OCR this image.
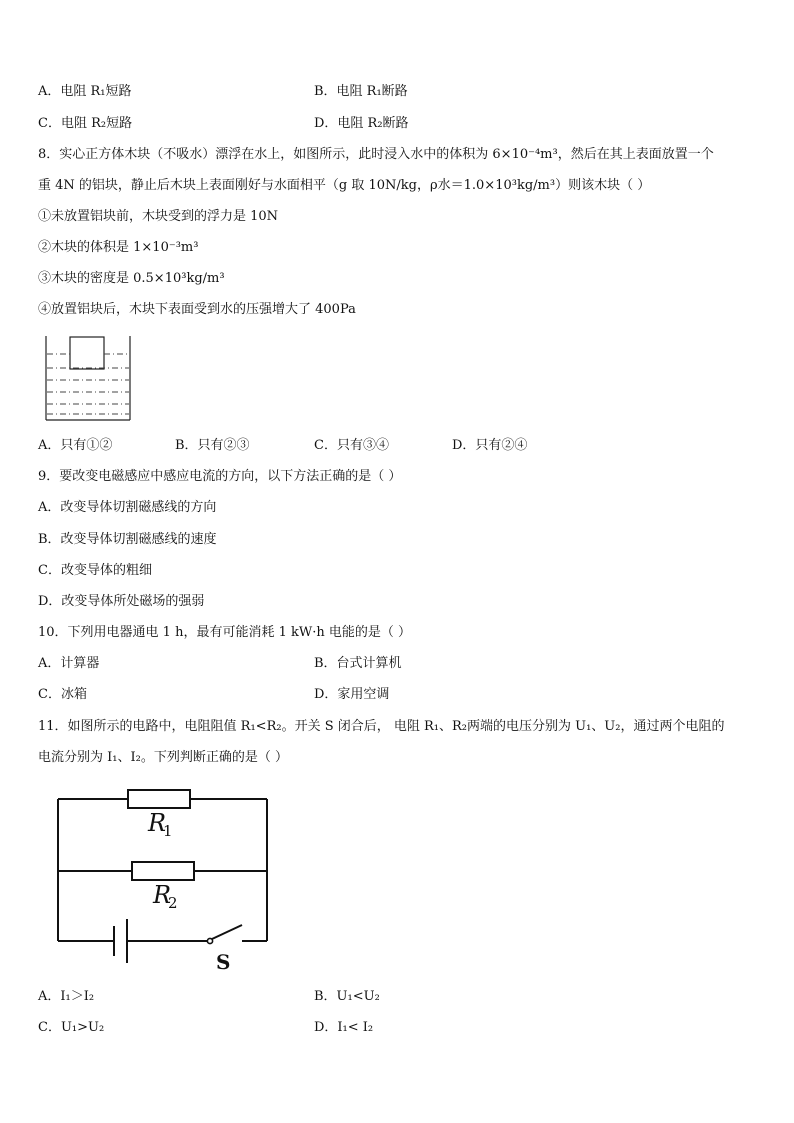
A．电阻 R₁短路	B．电阻 R₁断路
C．电阻 R₂短路	D．电阻 R₂断路
8．实心正方体木块（不吸水）漂浮在水上，如图所示，此时浸入水中的体积为 6×10⁻⁴m³，然后在其上表面放置一个
重 4N 的铝块，静止后木块上表面刚好与水面相平（g 取 10N/kg，ρ水＝1.0×10³kg/m³）则该木块（ ）
①未放置铝块前，木块受到的浮力是 10N
②木块的体积是 1×10⁻³m³
③木块的密度是 0.5×10³kg/m³
④放置铝块后，木块下表面受到水的压强增大了 400Pa
A．只有①②	B．只有②③	C．只有③④	D．只有②④
9．要改变电磁感应中感应电流的方向，以下方法正确的是（ ）
A．改变导体切割磁感线的方向
B．改变导体切割磁感线的速度
C．改变导体的粗细
D．改变导体所处磁场的强弱
10．下列用电器通电 1 h，最有可能消耗 1 kW·h 电能的是（ ）
A．计算器	B．台式计算机
C．冰箱	D．家用空调
11．如图所示的电路中，电阻阻值 R₁<R₂。开关 S 闭合后， 电阻 R₁、R₂两端的电压分别为 U₁、U₂，通过两个电阻的
电流分别为 I₁、I₂。下列判断正确的是（ ）
R
1
R
2
S
A．I₁＞I₂	B．U₁<U₂
C．U₁>U₂	D．I₁< I₂
